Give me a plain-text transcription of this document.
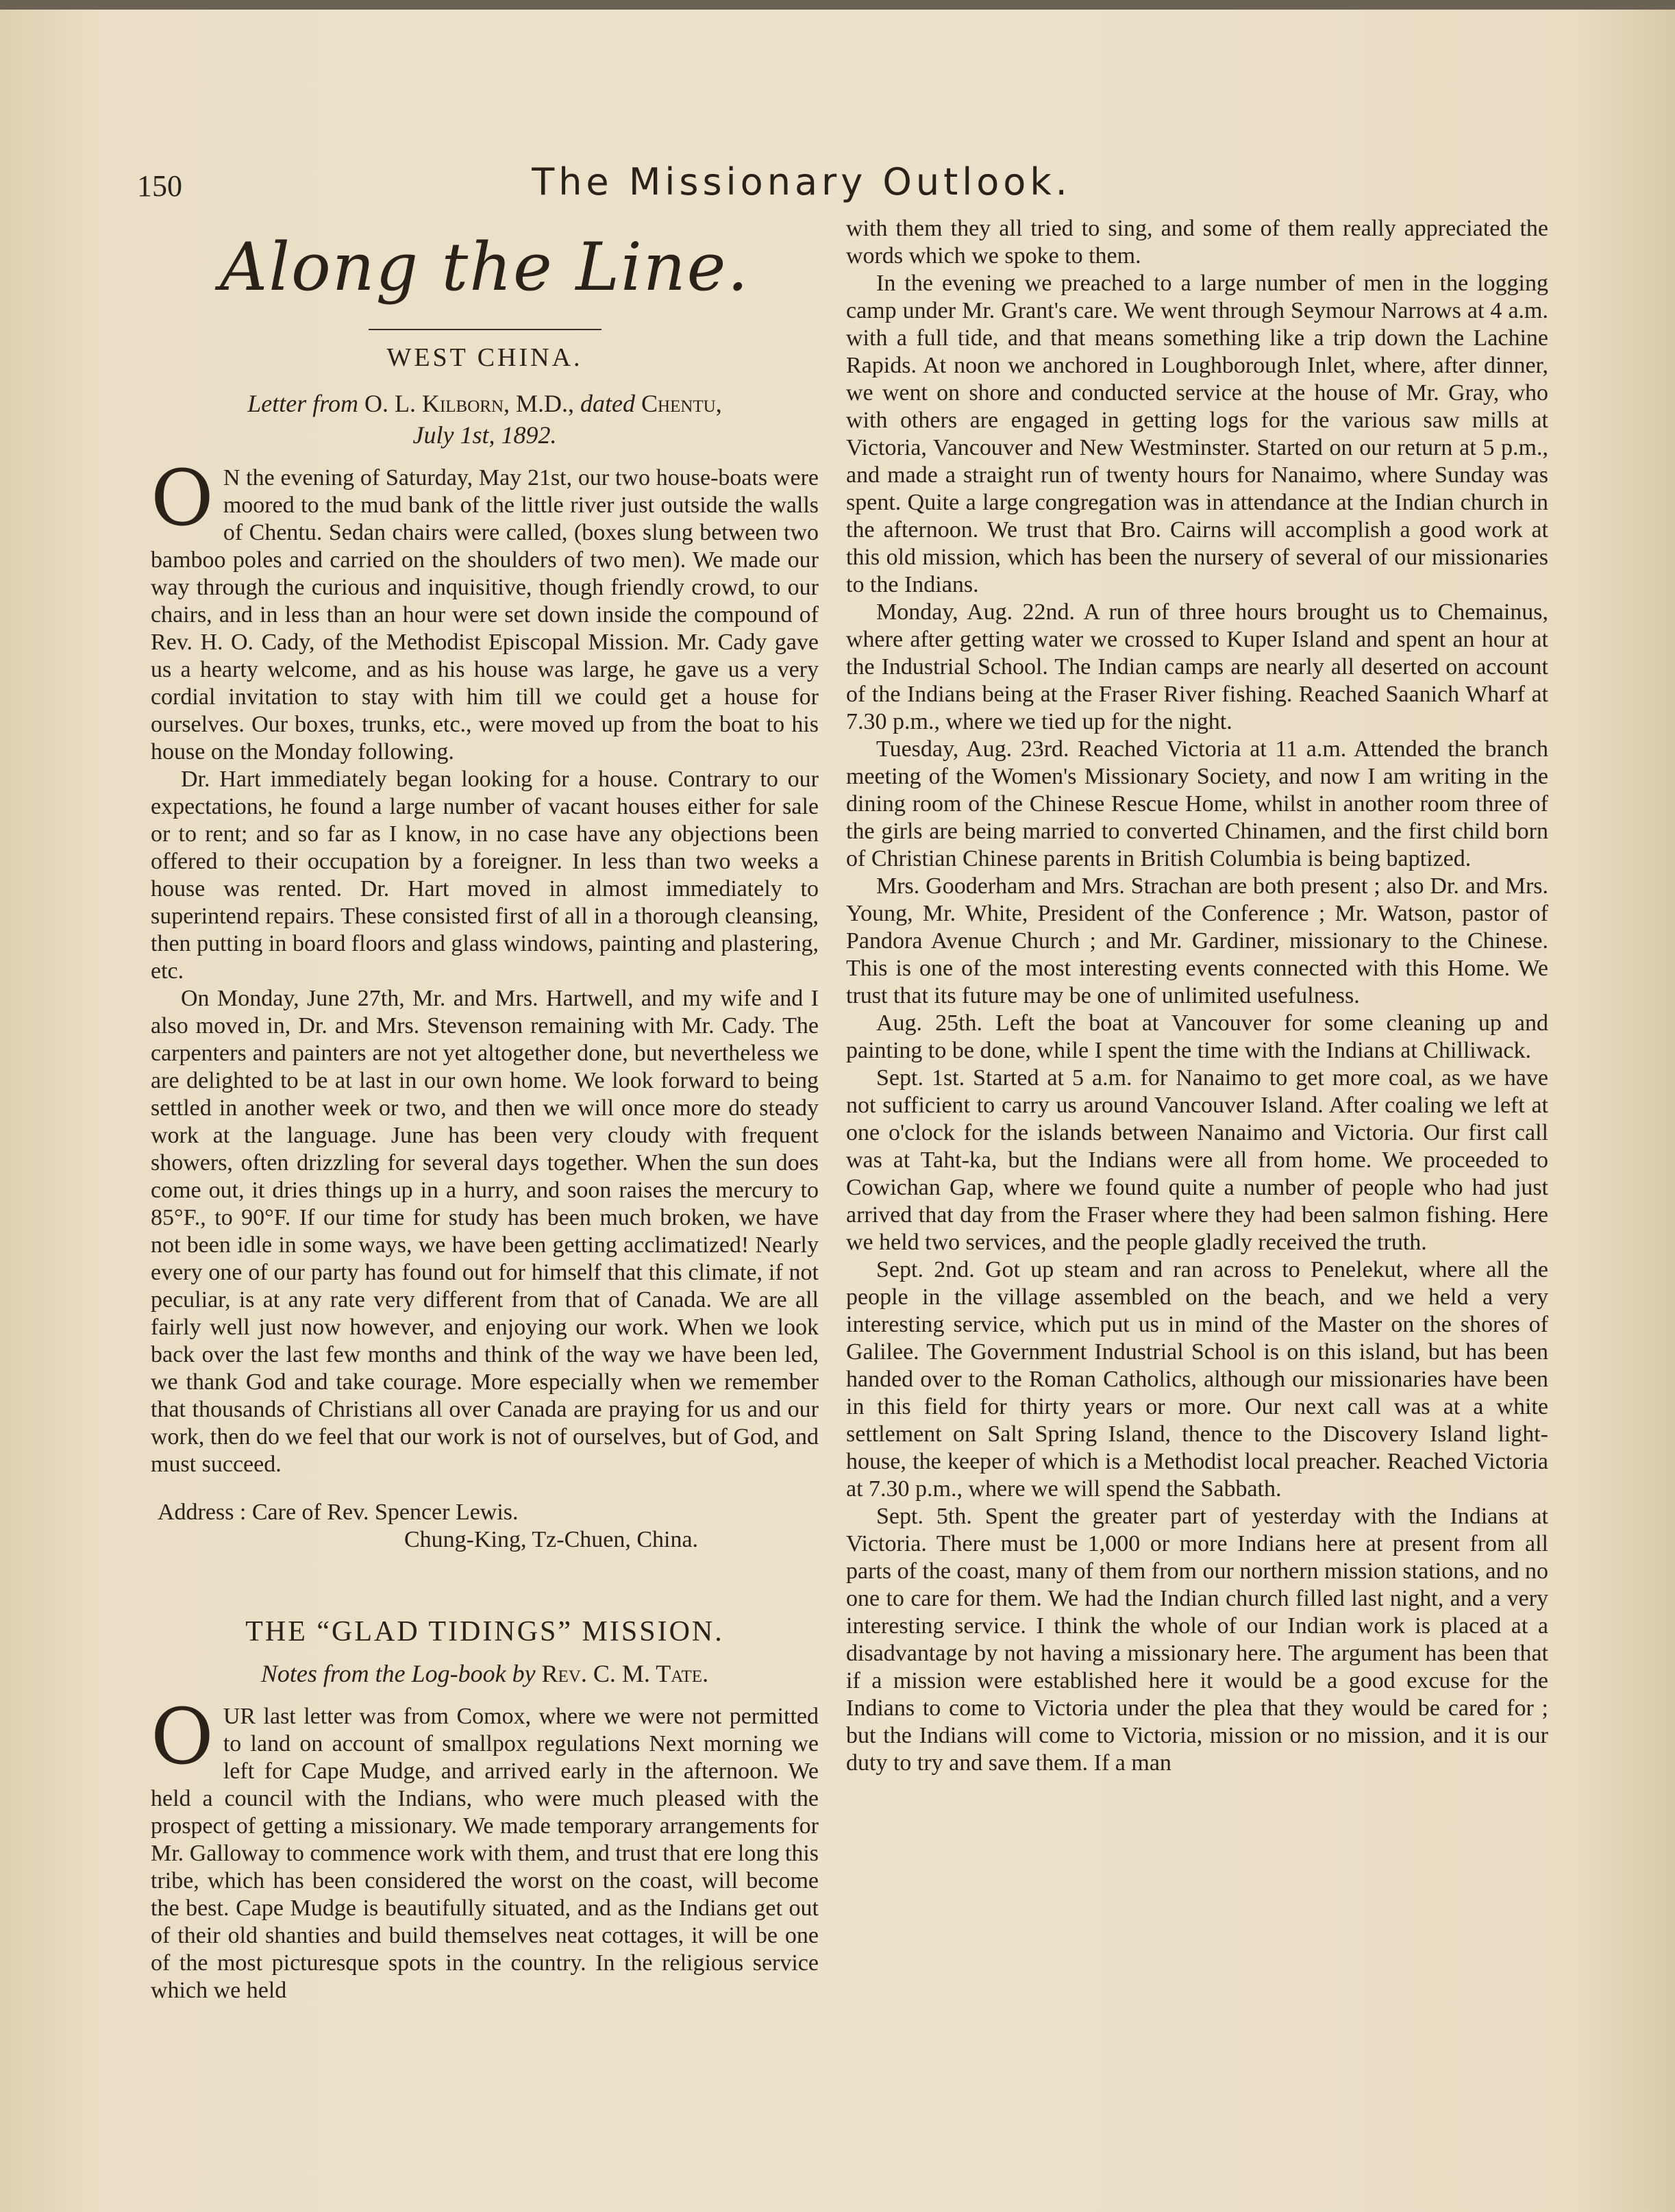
150	The Missionary Outlook.
Along the Line.
WEST CHINA.
Letter from O. L. Kilborn, M.D., dated Chentu,
July 1st, 1892.

O N the evening of Saturday, May 21st, our two house-boats were moored to the mud bank of the little river just outside the walls of Chentu. Sedan chairs were called, (boxes slung between two bamboo poles and carried on the shoulders of two men). We made our way through the curious and inquisitive, though friendly crowd, to our chairs, and in less than an hour were set down inside the compound of Rev. H. O. Cady, of the Methodist Episcopal Mission. Mr. Cady gave us a hearty welcome, and as his house was large, he gave us a very cordial invitation to stay with him till we could get a house for ourselves. Our boxes, trunks, etc., were moved up from the boat to his house on the Monday following.

Dr. Hart immediately began looking for a house. Contrary to our expectations, he found a large number of vacant houses either for sale or to rent; and so far as I know, in no case have any objections been offered to their occupation by a foreigner. In less than two weeks a house was rented. Dr. Hart moved in almost immediately to superintend repairs. These consisted first of all in a thorough cleansing, then putting in board floors and glass windows, painting and plastering, etc.

On Monday, June 27th, Mr. and Mrs. Hartwell, and my wife and I also moved in, Dr. and Mrs. Stevenson remaining with Mr. Cady. The carpenters and painters are not yet altogether done, but nevertheless we are delighted to be at last in our own home. We look forward to being settled in another week or two, and then we will once more do steady work at the language. June has been very cloudy with frequent showers, often drizzling for several days together. When the sun does come out, it dries things up in a hurry, and soon raises the mercury to 85°F., to 90°F. If our time for study has been much broken, we have not been idle in some ways, we have been getting acclimatized! Nearly every one of our party has found out for himself that this climate, if not peculiar, is at any rate very different from that of Canada. We are all fairly well just now however, and enjoying our work. When we look back over the last few months and think of the way we have been led, we thank God and take courage. More especially when we remember that thousands of Christians all over Canada are praying for us and our work, then do we feel that our work is not of ourselves, but of God, and must succeed.

Address : Care of Rev. Spencer Lewis.
Chung-King, Tz-Chuen, China.
THE “GLAD TIDINGS” MISSION.
Notes from the Log-book by Rev. C. M. Tate.

OUR last letter was from Comox, where we were not permitted to land on account of smallpox regulations Next morning we left for Cape Mudge, and arrived early in the afternoon. We held a council with the Indians, who were much pleased with the prospect of getting a missionary. We made temporary arrangements for Mr. Galloway to commence work with them, and trust that ere long this tribe, which has been considered the worst on the coast, will become the best. Cape Mudge is beautifully situated, and as the Indians get out of their old shanties and build themselves neat cottages, it will be one of the most picturesque spots in the country. In the religious service which we held

with them they all tried to sing, and some of them really appreciated the words which we spoke to them.

In the evening we preached to a large number of men in the logging camp under Mr. Grant's care. We went through Seymour Narrows at 4 a.m. with a full tide, and that means something like a trip down the Lachine Rapids. At noon we anchored in Loughborough Inlet, where, after dinner, we went on shore and conducted service at the house of Mr. Gray, who with others are engaged in getting logs for the various saw mills at Victoria, Vancouver and New Westminster. Started on our return at 5 p.m., and made a straight run of twenty hours for Nanaimo, where Sunday was spent. Quite a large congregation was in attendance at the Indian church in the afternoon. We trust that Bro. Cairns will accomplish a good work at this old mission, which has been the nursery of several of our missionaries to the Indians.

Monday, Aug. 22nd. A run of three hours brought us to Chemainus, where after getting water we crossed to Kuper Island and spent an hour at the Industrial School. The Indian camps are nearly all deserted on account of the Indians being at the Fraser River fishing. Reached Saanich Wharf at 7.30 p.m., where we tied up for the night.

Tuesday, Aug. 23rd. Reached Victoria at 11 a.m. Attended the branch meeting of the Women's Missionary Society, and now I am writing in the dining room of the Chinese Rescue Home, whilst in another room three of the girls are being married to converted Chinamen, and the first child born of Christian Chinese parents in British Columbia is being baptized.

Mrs. Gooderham and Mrs. Strachan are both present ; also Dr. and Mrs. Young, Mr. White, President of the Conference ; Mr. Watson, pastor of Pandora Avenue Church ; and Mr. Gardiner, missionary to the Chinese. This is one of the most interesting events connected with this Home. We trust that its future may be one of unlimited usefulness.

Aug. 25th. Left the boat at Vancouver for some cleaning up and painting to be done, while I spent the time with the Indians at Chilliwack.

Sept. 1st. Started at 5 a.m. for Nanaimo to get more coal, as we have not sufficient to carry us around Vancouver Island. After coaling we left at one o'clock for the islands between Nanaimo and Victoria. Our first call was at Taht-ka, but the Indians were all from home. We proceeded to Cowichan Gap, where we found quite a number of people who had just arrived that day from the Fraser where they had been salmon fishing. Here we held two services, and the people gladly received the truth.

Sept. 2nd. Got up steam and ran across to Penelekut, where all the people in the village assembled on the beach, and we held a very interesting service, which put us in mind of the Master on the shores of Galilee. The Government Industrial School is on this island, but has been handed over to the Roman Catholics, although our missionaries have been in this field for thirty years or more. Our next call was at a white settlement on Salt Spring Island, thence to the Discovery Island light-house, the keeper of which is a Methodist local preacher. Reached Victoria at 7.30 p.m., where we will spend the Sabbath.

Sept. 5th. Spent the greater part of yesterday with the Indians at Victoria. There must be 1,000 or more Indians here at present from all parts of the coast, many of them from our northern mission stations, and no one to care for them. We had the Indian church filled last night, and a very interesting service. I think the whole of our Indian work is placed at a disadvantage by not having a missionary here. The argument has been that if a mission were established here it would be a good excuse for the Indians to come to Victoria under the plea that they would be cared for ; but the Indians will come to Victoria, mission or no mission, and it is our duty to try and save them. If a man
